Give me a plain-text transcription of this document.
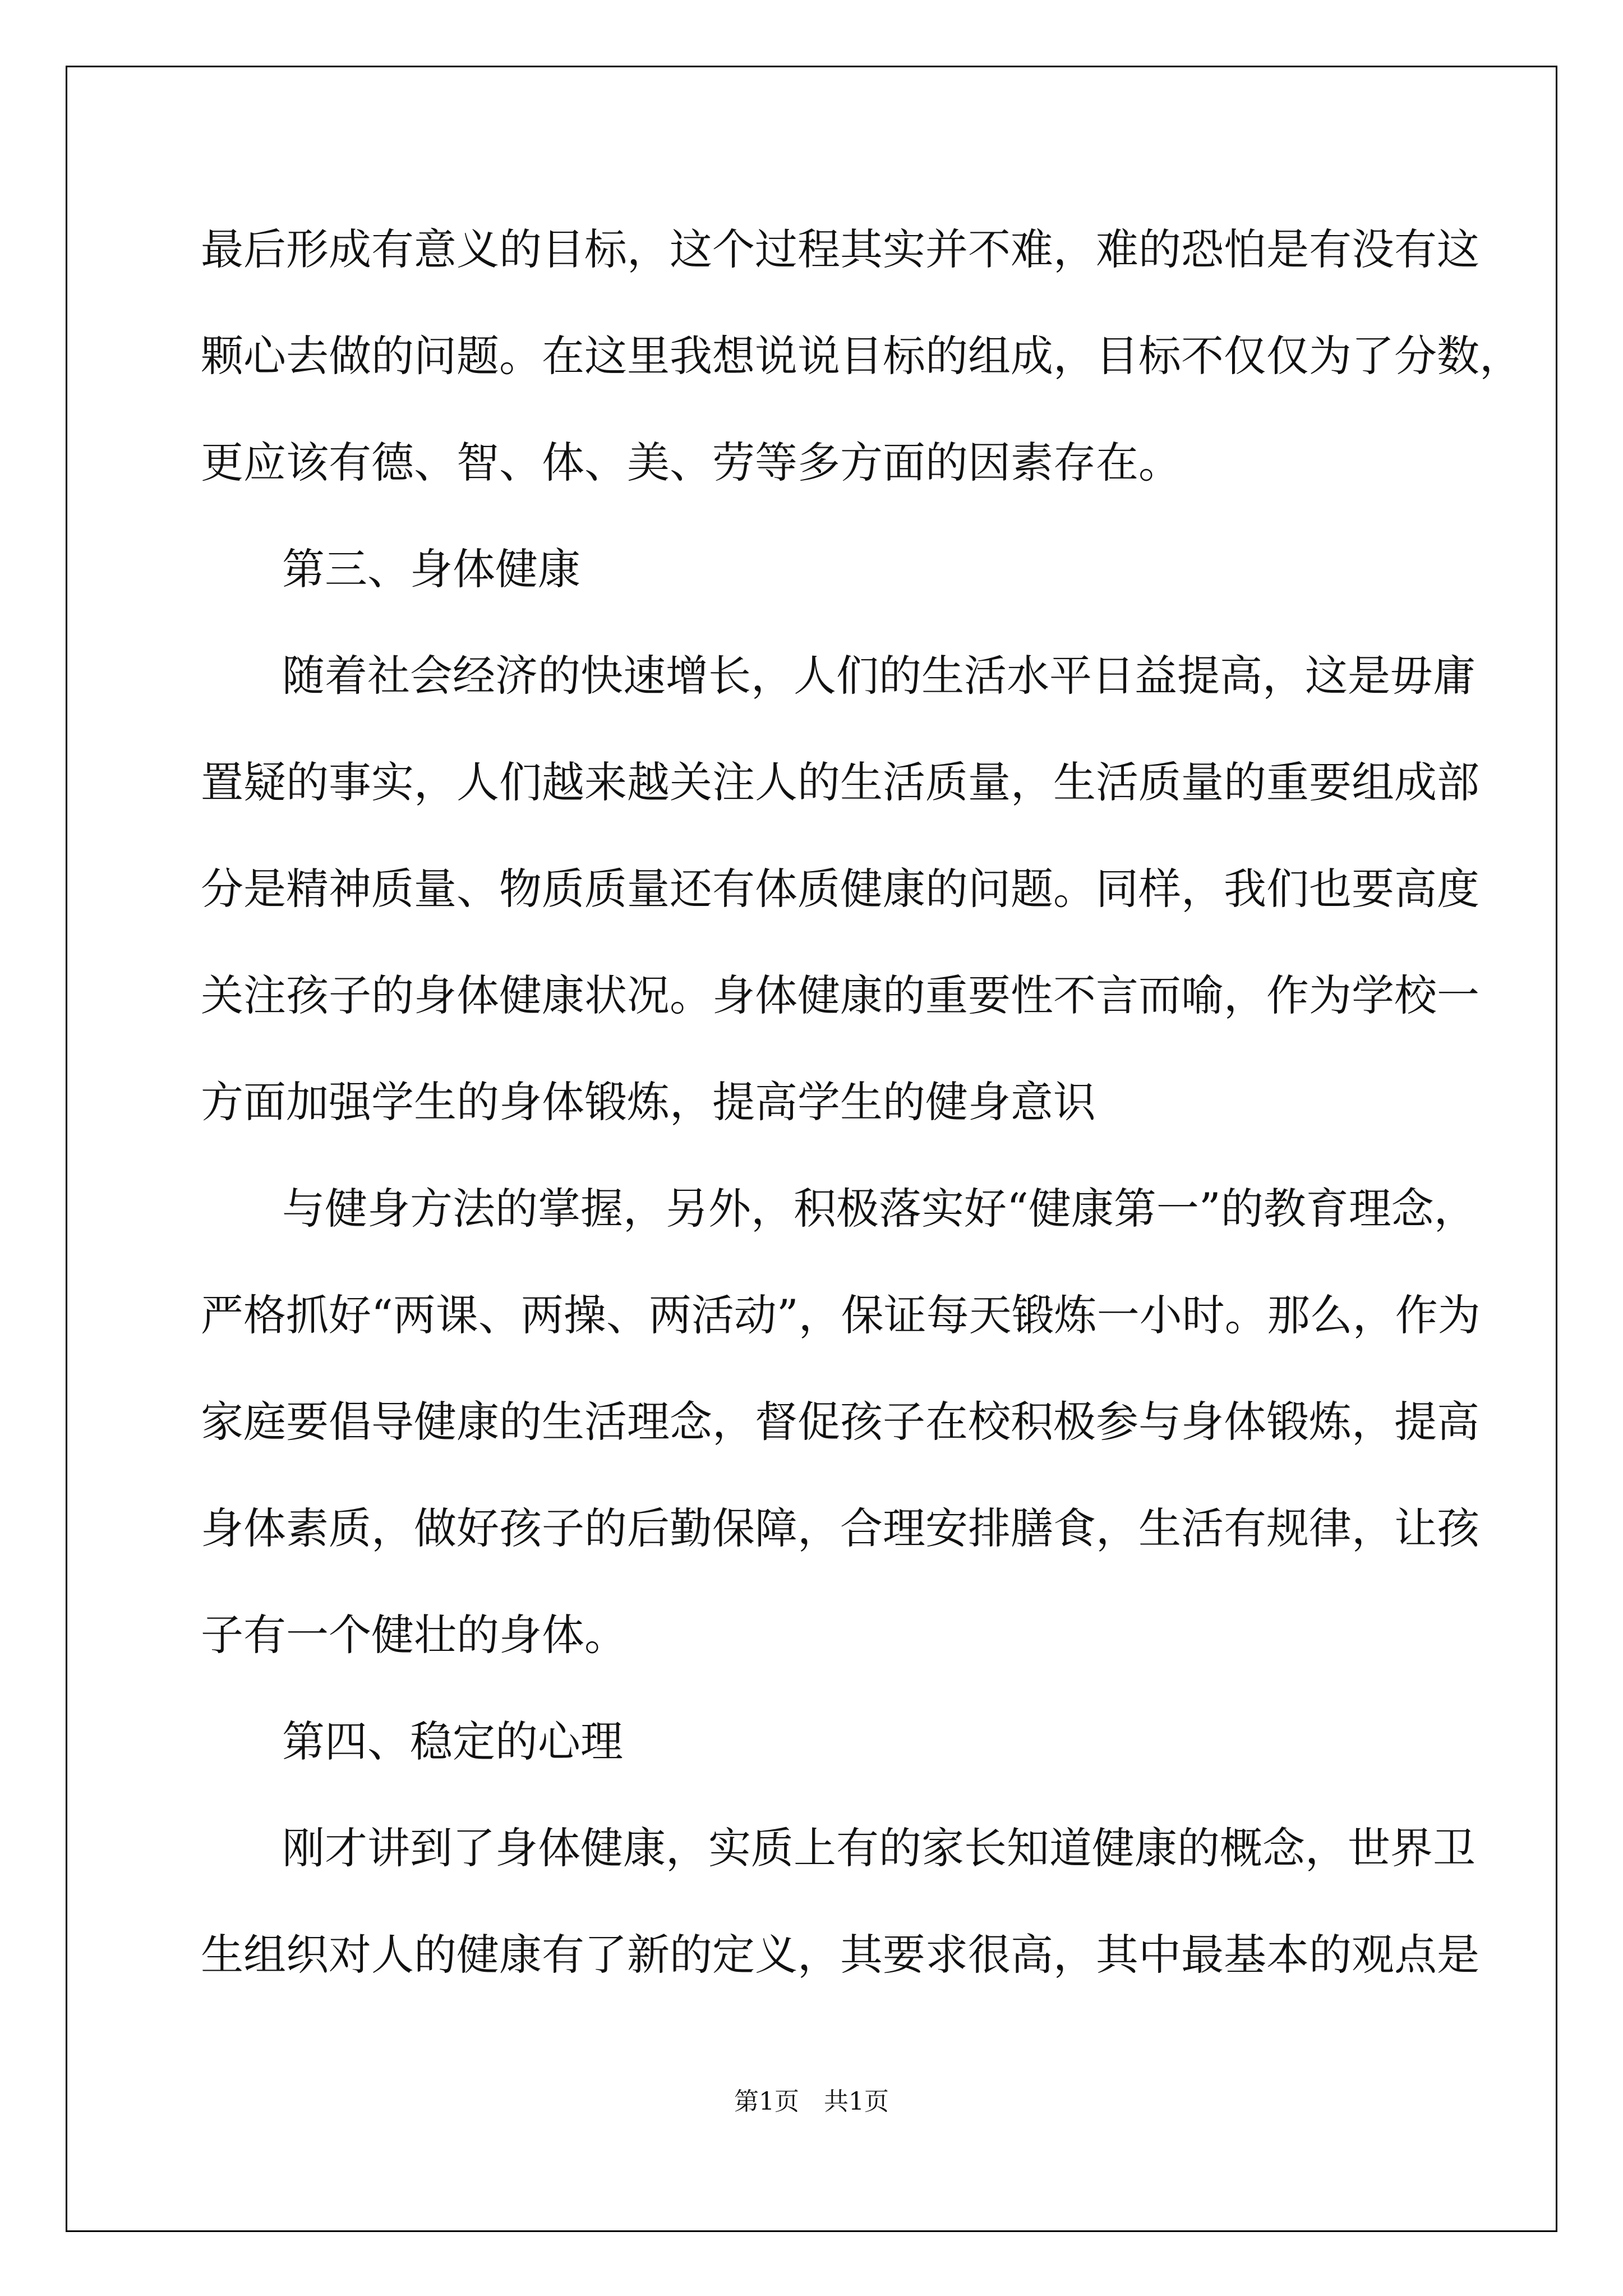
最后形成有意义的目标，这个过程其实并不难，难的恐怕是有没有这
颗心去做的问题。在这里我想说说目标的组成，目标不仅仅为了分数，
更应该有德、智、体、美、劳等多方面的因素存在。
第三、身体健康
随着社会经济的快速增长，人们的生活水平日益提高，这是毋庸
置疑的事实，人们越来越关注人的生活质量，生活质量的重要组成部
分是精神质量、物质质量还有体质健康的问题。同样，我们也要高度
关注孩子的身体健康状况。身体健康的重要性不言而喻，作为学校一
方面加强学生的身体锻炼，提高学生的健身意识
与健身方法的掌握，另外，积极落实好“健康第一”的教育理念，
严格抓好“两课、两操、两活动”，保证每天锻炼一小时。那么，作为
家庭要倡导健康的生活理念，督促孩子在校积极参与身体锻炼，提高
身体素质，做好孩子的后勤保障，合理安排膳食，生活有规律，让孩
子有一个健壮的身体。
第四、稳定的心理
刚才讲到了身体健康，实质上有的家长知道健康的概念，世界卫
生组织对人的健康有了新的定义，其要求很高，其中最基本的观点是
第1页　共1页
